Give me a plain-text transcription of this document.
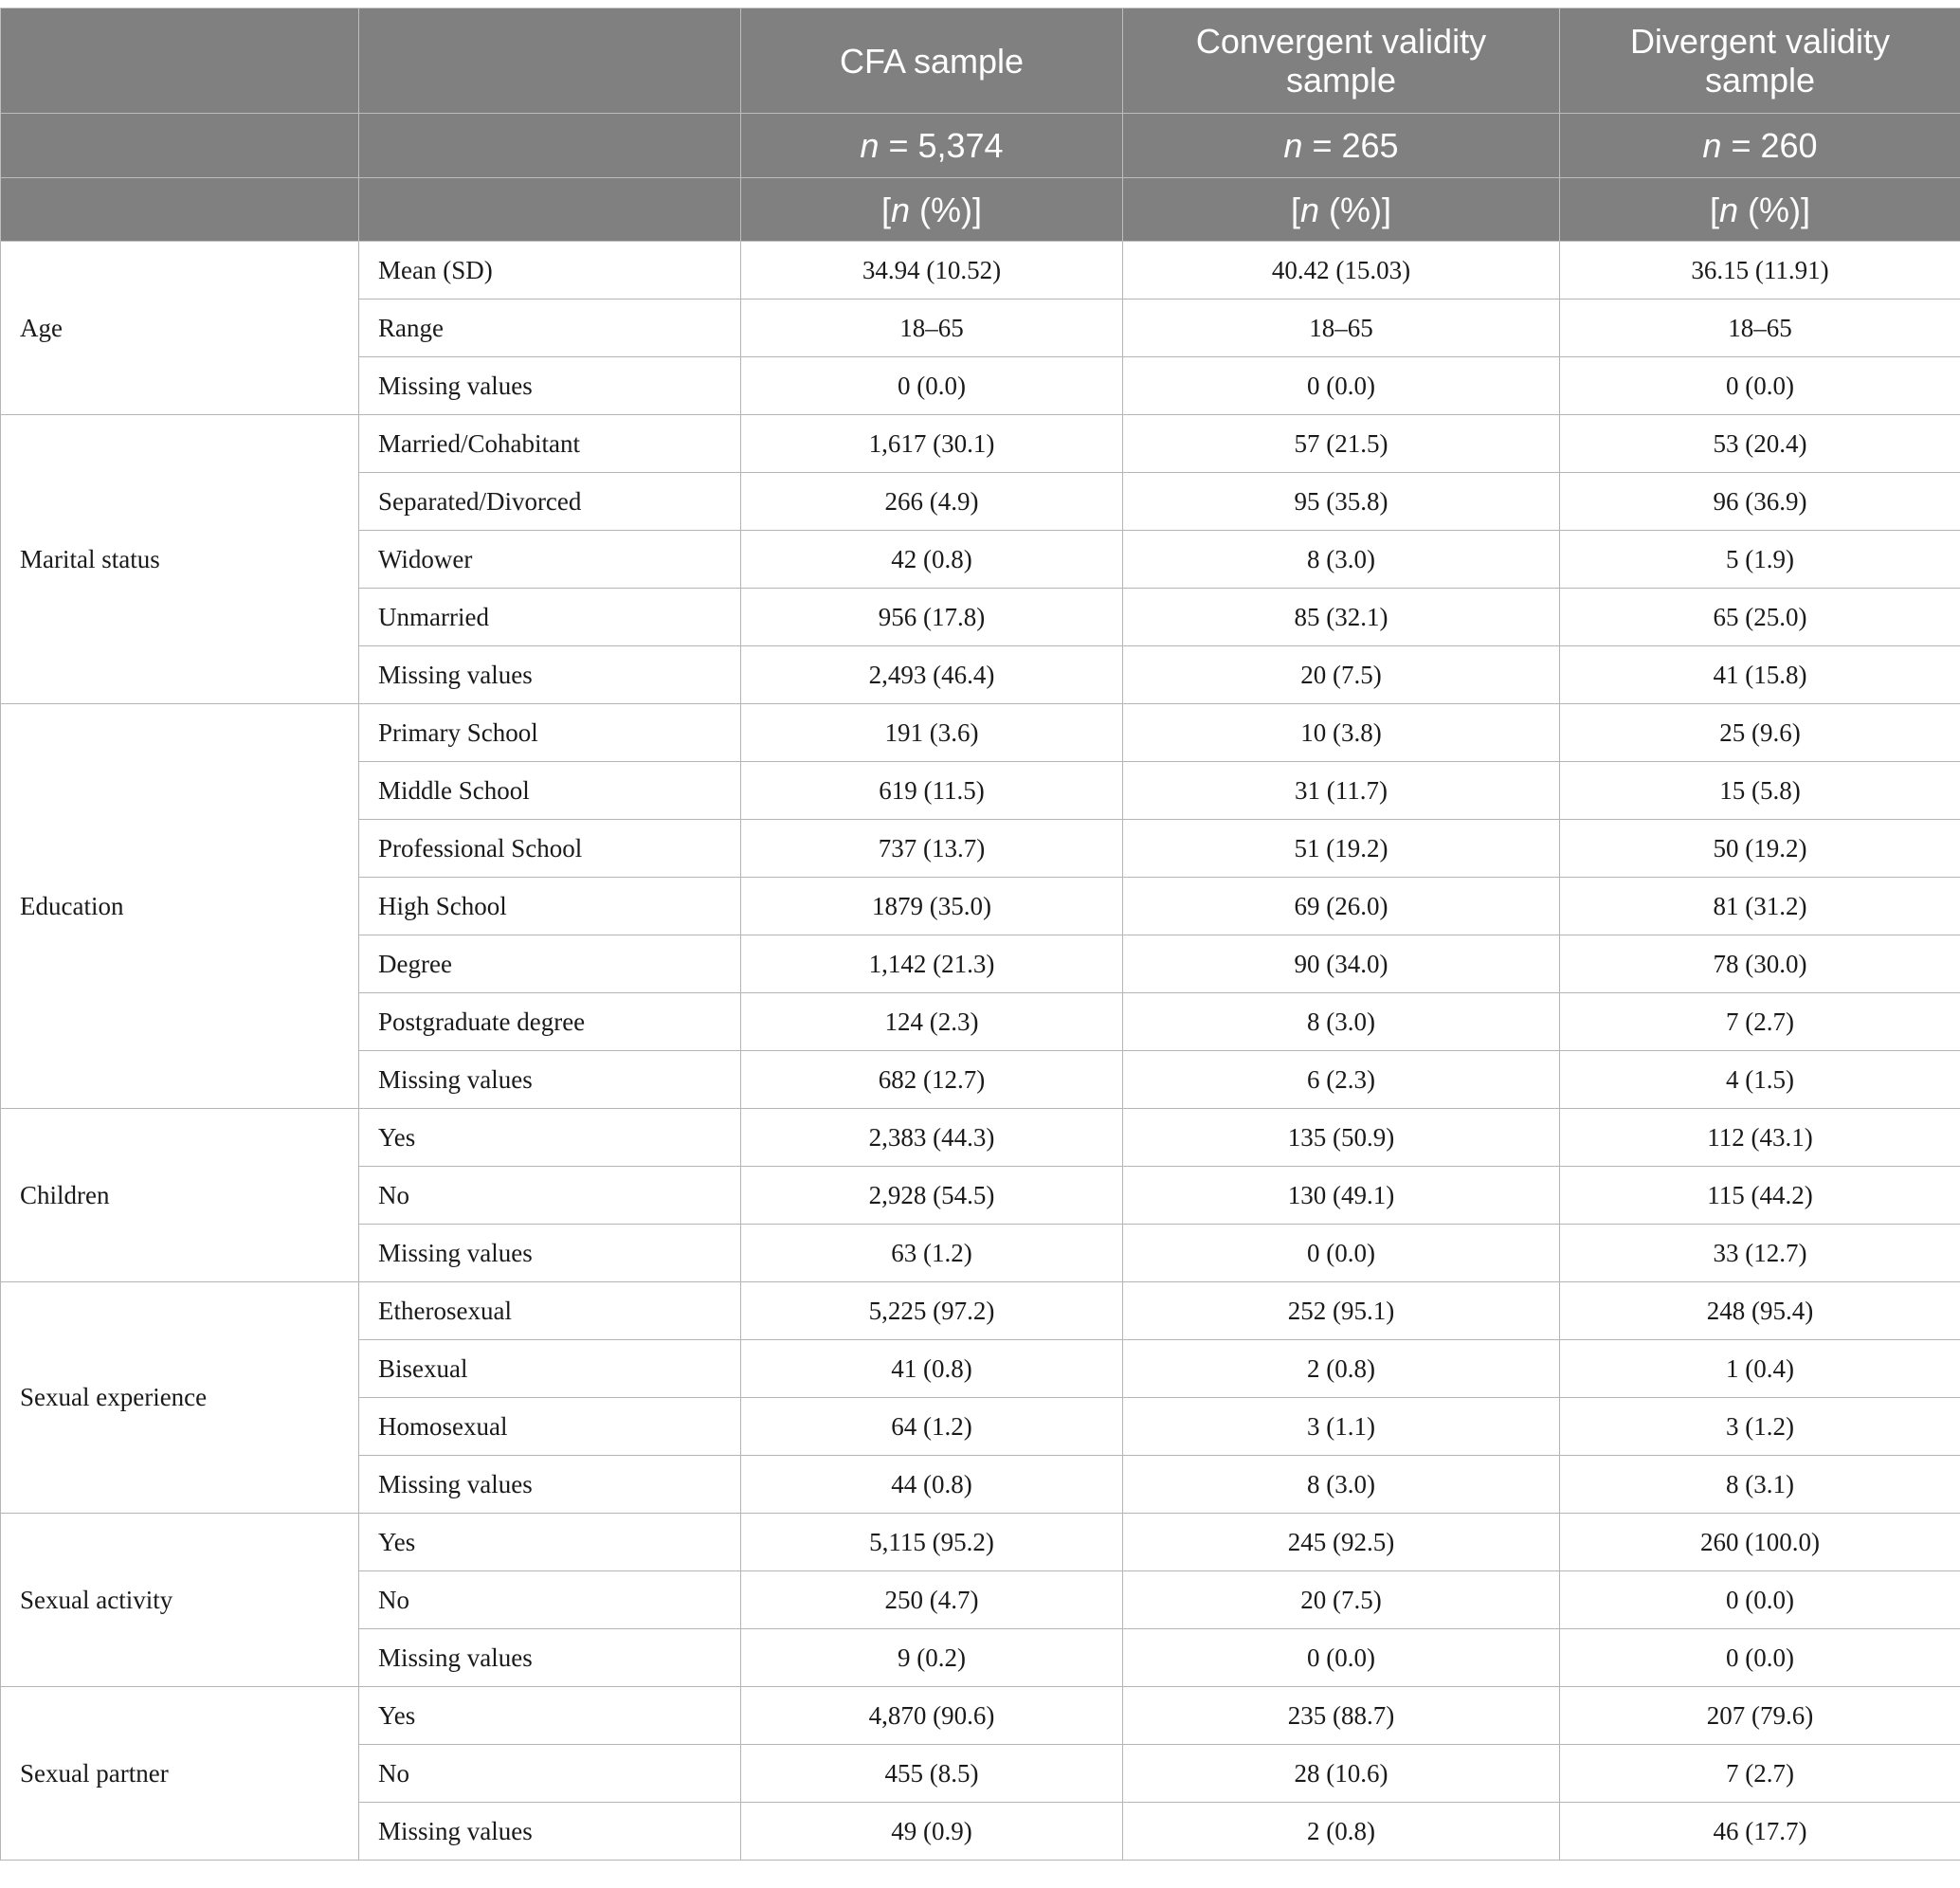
		CFA sample	Convergent validity sample	Divergent validity sample
		n = 5,374	n = 265	n = 260
		[n (%)]	[n (%)]	[n (%)]
Age	Mean (SD)	34.94 (10.52)	40.42 (15.03)	36.15 (11.91)
	Range	18–65	18–65	18–65
	Missing values	0 (0.0)	0 (0.0)	0 (0.0)
Marital status	Married/Cohabitant	1,617 (30.1)	57 (21.5)	53 (20.4)
	Separated/Divorced	266 (4.9)	95 (35.8)	96 (36.9)
	Widower	42 (0.8)	8 (3.0)	5 (1.9)
	Unmarried	956 (17.8)	85 (32.1)	65 (25.0)
	Missing values	2,493 (46.4)	20 (7.5)	41 (15.8)
Education	Primary School	191 (3.6)	10 (3.8)	25 (9.6)
	Middle School	619 (11.5)	31 (11.7)	15 (5.8)
	Professional School	737 (13.7)	51 (19.2)	50 (19.2)
	High School	1879 (35.0)	69 (26.0)	81 (31.2)
	Degree	1,142 (21.3)	90 (34.0)	78 (30.0)
	Postgraduate degree	124 (2.3)	8 (3.0)	7 (2.7)
	Missing values	682 (12.7)	6 (2.3)	4 (1.5)
Children	Yes	2,383 (44.3)	135 (50.9)	112 (43.1)
	No	2,928 (54.5)	130 (49.1)	115 (44.2)
	Missing values	63 (1.2)	0 (0.0)	33 (12.7)
Sexual experience	Etherosexual	5,225 (97.2)	252 (95.1)	248 (95.4)
	Bisexual	41 (0.8)	2 (0.8)	1 (0.4)
	Homosexual	64 (1.2)	3 (1.1)	3 (1.2)
	Missing values	44 (0.8)	8 (3.0)	8 (3.1)
Sexual activity	Yes	5,115 (95.2)	245 (92.5)	260 (100.0)
	No	250 (4.7)	20 (7.5)	0 (0.0)
	Missing values	9 (0.2)	0 (0.0)	0 (0.0)
Sexual partner	Yes	4,870 (90.6)	235 (88.7)	207 (79.6)
	No	455 (8.5)	28 (10.6)	7 (2.7)
	Missing values	49 (0.9)	2 (0.8)	46 (17.7)
